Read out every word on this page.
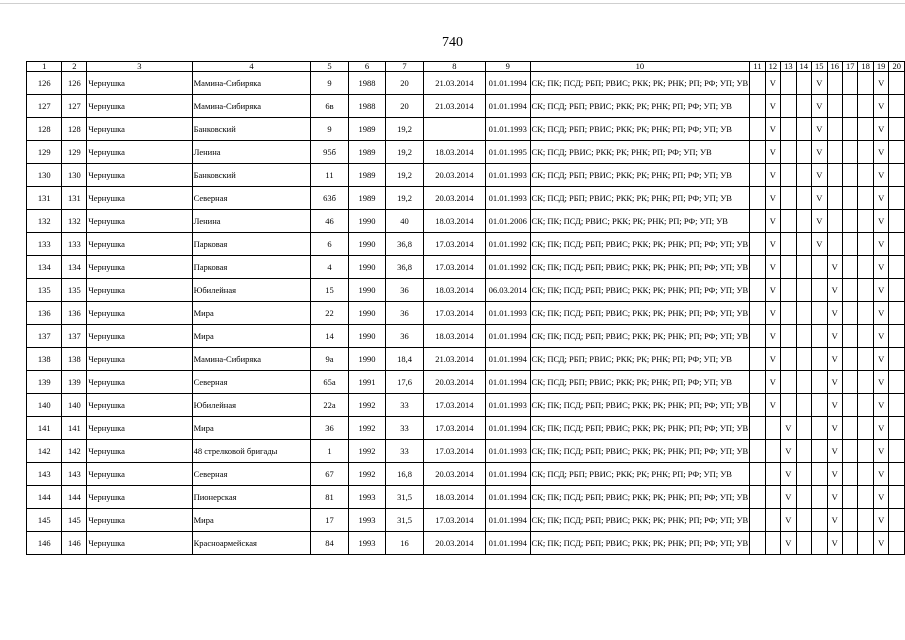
740
1	2	3	4	5	6	7	8	9	10	11	12	13	14	15	16	17	18	19	20
126	126	Чернушка	Мамина-Сибиряка	9	1988	20	21.03.2014	01.01.1994	СК; ПК; ПСД; РБП; РВИС; РКК; РК; РНК; РП; РФ; УП; УВ		V			V				V	
127	127	Чернушка	Мамина-Сибиряка	6в	1988	20	21.03.2014	01.01.1994	СК; ПСД; РБП; РВИС; РКК; РК; РНК; РП; РФ; УП; УВ		V			V				V	
128	128	Чернушка	Банковский	9	1989	19,2		01.01.1993	СК; ПСД; РБП; РВИС; РКК; РК; РНК; РП; РФ; УП; УВ		V			V				V	
129	129	Чернушка	Ленина	95б	1989	19,2	18.03.2014	01.01.1995	СК; ПСД; РВИС; РКК; РК; РНК; РП; РФ; УП; УВ		V			V				V	
130	130	Чернушка	Банковский	11	1989	19,2	20.03.2014	01.01.1993	СК; ПСД; РБП; РВИС; РКК; РК; РНК; РП; РФ; УП; УВ		V			V				V	
131	131	Чернушка	Северная	63б	1989	19,2	20.03.2014	01.01.1993	СК; ПСД; РБП; РВИС; РКК; РК; РНК; РП; РФ; УП; УВ		V			V				V	
132	132	Чернушка	Ленина	46	1990	40	18.03.2014	01.01.2006	СК; ПК; ПСД; РВИС; РКК; РК; РНК; РП; РФ; УП; УВ		V			V				V	
133	133	Чернушка	Парковая	6	1990	36,8	17.03.2014	01.01.1992	СК; ПК; ПСД; РБП; РВИС; РКК; РК; РНК; РП; РФ; УП; УВ		V			V				V	
134	134	Чернушка	Парковая	4	1990	36,8	17.03.2014	01.01.1992	СК; ПК; ПСД; РБП; РВИС; РКК; РК; РНК; РП; РФ; УП; УВ		V				V			V	
135	135	Чернушка	Юбилейная	15	1990	36	18.03.2014	06.03.2014	СК; ПК; ПСД; РБП; РВИС; РКК; РК; РНК; РП; РФ; УП; УВ		V				V			V	
136	136	Чернушка	Мира	22	1990	36	17.03.2014	01.01.1993	СК; ПК; ПСД; РБП; РВИС; РКК; РК; РНК; РП; РФ; УП; УВ		V				V			V	
137	137	Чернушка	Мира	14	1990	36	18.03.2014	01.01.1994	СК; ПК; ПСД; РБП; РВИС; РКК; РК; РНК; РП; РФ; УП; УВ		V				V			V	
138	138	Чернушка	Мамина-Сибиряка	9а	1990	18,4	21.03.2014	01.01.1994	СК; ПСД; РБП; РВИС; РКК; РК; РНК; РП; РФ; УП; УВ		V				V			V	
139	139	Чернушка	Северная	65а	1991	17,6	20.03.2014	01.01.1994	СК; ПСД; РБП; РВИС; РКК; РК; РНК; РП; РФ; УП; УВ		V				V			V	
140	140	Чернушка	Юбилейная	22а	1992	33	17.03.2014	01.01.1993	СК; ПК; ПСД; РБП; РВИС; РКК; РК; РНК; РП; РФ; УП; УВ		V				V			V	
141	141	Чернушка	Мира	36	1992	33	17.03.2014	01.01.1994	СК; ПК; ПСД; РБП; РВИС; РКК; РК; РНК; РП; РФ; УП; УВ			V			V			V	
142	142	Чернушка	48 стрелковой бригады	1	1992	33	17.03.2014	01.01.1993	СК; ПК; ПСД; РБП; РВИС; РКК; РК; РНК; РП; РФ; УП; УВ			V			V			V	
143	143	Чернушка	Северная	67	1992	16,8	20.03.2014	01.01.1994	СК; ПСД; РБП; РВИС; РКК; РК; РНК; РП; РФ; УП; УВ			V			V			V	
144	144	Чернушка	Пионерская	81	1993	31,5	18.03.2014	01.01.1994	СК; ПК; ПСД; РБП; РВИС; РКК; РК; РНК; РП; РФ; УП; УВ			V			V			V	
145	145	Чернушка	Мира	17	1993	31,5	17.03.2014	01.01.1994	СК; ПК; ПСД; РБП; РВИС; РКК; РК; РНК; РП; РФ; УП; УВ			V			V			V	
146	146	Чернушка	Красноармейская	84	1993	16	20.03.2014	01.01.1994	СК; ПК; ПСД; РБП; РВИС; РКК; РК; РНК; РП; РФ; УП; УВ			V			V			V	
